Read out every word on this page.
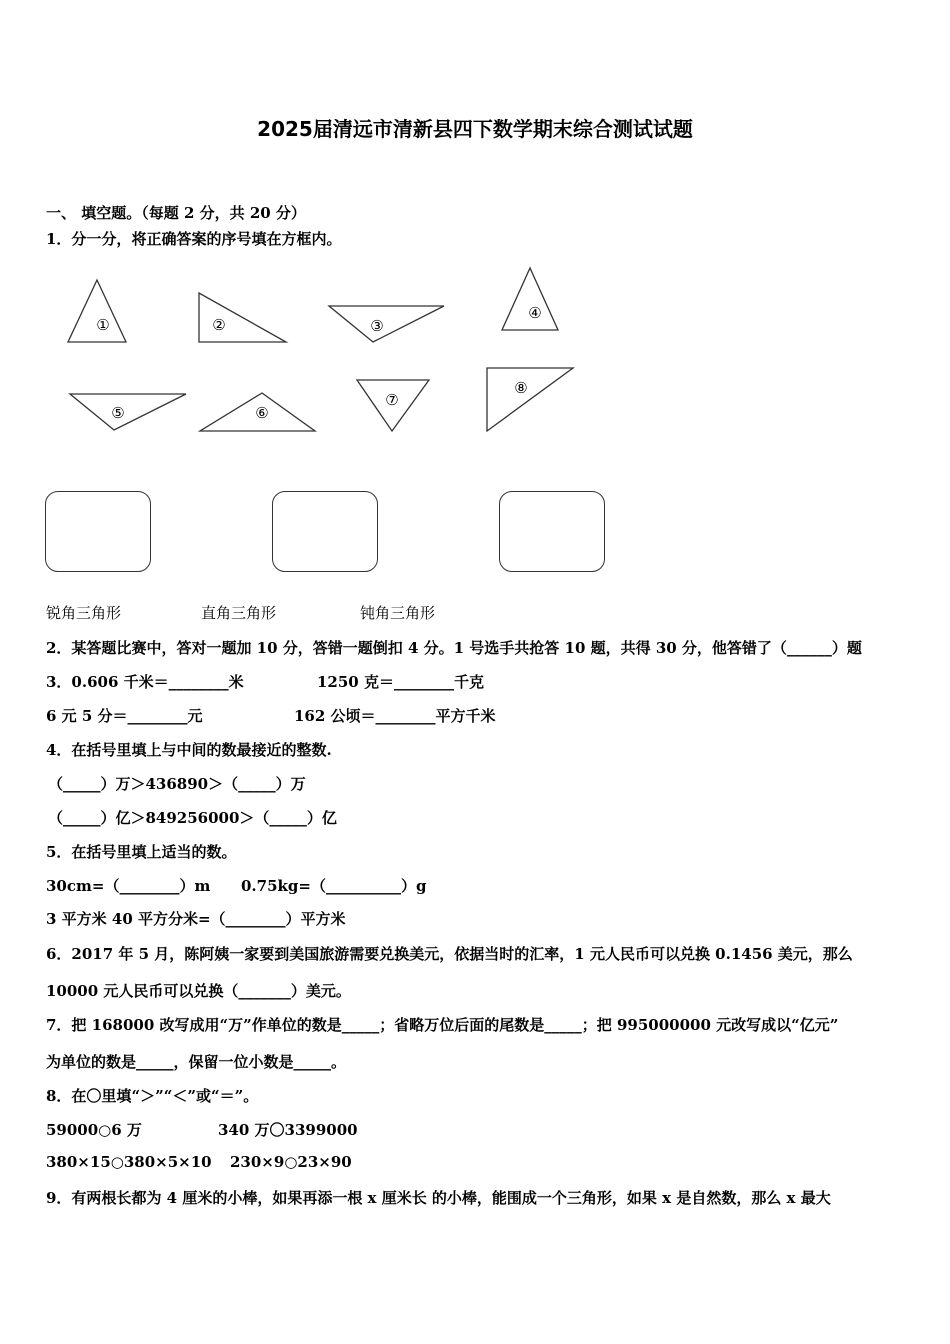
2025届清远市清新县四下数学期末综合测试试题
一、 填空题。（每题 2 分，共 20 分）
1．分一分，将正确答案的序号填在方框内。
①	②	③
④
⑤	⑥
⑦
⑧
锐角三角形	直角三角形	钝角三角形
2．某答题比赛中，答对一题加 10 分，答错一题倒扣 4 分。1 号选手共抢答 10 题，共得 30 分，他答错了（______）题
3．0.606 千米＝________米	1250 克＝________千克
6 元 5 分＝________元	162 公顷＝________平方千米
4．在括号里填上与中间的数最接近的整数.
（_____）万＞436890＞（_____）万
（_____）亿＞849256000＞（_____）亿
5．在括号里填上适当的数。
30cm=（________）m 0.75kg=（__________）g
3 平方米 40 平方分米=（________）平方米
6．2017 年 5 月，陈阿姨一家要到美国旅游需要兑换美元，依据当时的汇率，1 元人民币可以兑换 0.1456 美元，那么
10000 元人民币可以兑换（_______）美元。
7．把 168000 改写成用“万”作单位的数是_____；省略万位后面的尾数是_____；把 995000000 元改写成以“亿元”
为单位的数是_____，保留一位小数是_____。
8．在〇里填“＞”“＜”或“＝”。
59000○6 万	340 万〇3399000
380×15○380×5×10 230×9○23×90
9．有两根长都为 4 厘米的小棒，如果再添一根 x 厘米长 的小棒，能围成一个三角形，如果 x 是自然数，那么 x 最大
